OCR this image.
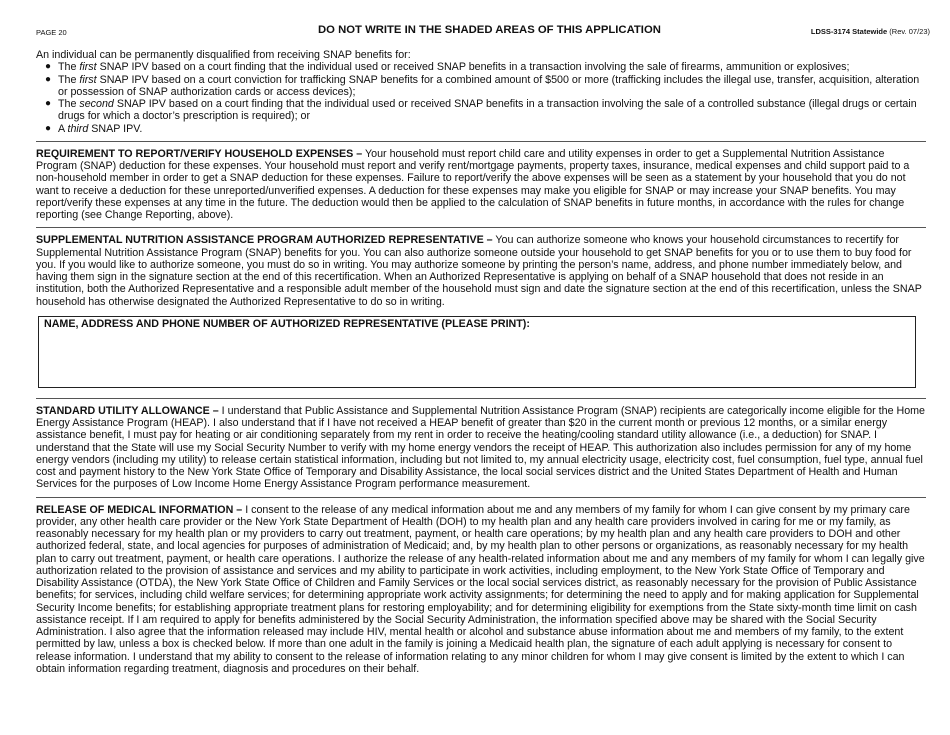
PAGE 20	DO NOT WRITE IN THE SHADED AREAS OF THIS APPLICATION	LDSS-3174 Statewide (Rev. 07/23)

An individual can be permanently disqualified from receiving SNAP benefits for:

● The first SNAP IPV based on a court finding that the individual used or received SNAP benefits in a transaction involving the sale of firearms, ammunition or explosives;
● The first SNAP IPV based on a court conviction for trafficking SNAP benefits for a combined amount of $500 or more (trafficking includes the illegal use, transfer, acquisition, alteration or possession of SNAP authorization cards or access devices);
● The second SNAP IPV based on a court finding that the individual used or received SNAP benefits in a transaction involving the sale of a controlled substance (illegal drugs or certain drugs for which a doctor’s prescription is required); or
● A third SNAP IPV.

REQUIREMENT TO REPORT/VERIFY HOUSEHOLD EXPENSES – Your household must report child care and utility expenses in order to get a Supplemental Nutrition Assistance Program (SNAP) deduction for these expenses. Your household must report and verify rent/mortgage payments, property taxes, insurance, medical expenses and child support paid to a non-household member in order to get a SNAP deduction for these expenses. Failure to report/verify the above expenses will be seen as a statement by your household that you do not want to receive a deduction for these unreported/unverified expenses. A deduction for these expenses may make you eligible for SNAP or may increase your SNAP benefits. You may report/verify these expenses at any time in the future. The deduction would then be applied to the calculation of SNAP benefits in future months, in accordance with the rules for change reporting (see Change Reporting, above).

SUPPLEMENTAL NUTRITION ASSISTANCE PROGRAM AUTHORIZED REPRESENTATIVE – You can authorize someone who knows your household circumstances to recertify for Supplemental Nutrition Assistance Program (SNAP) benefits for you. You can also authorize someone outside your household to get SNAP benefits for you or to use them to buy food for you. If you would like to authorize someone, you must do so in writing. You may authorize someone by printing the person’s name, address, and phone number immediately below, and having them sign in the signature section at the end of this recertification. When an Authorized Representative is applying on behalf of a SNAP household that does not reside in an institution, both the Authorized Representative and a responsible adult member of the household must sign and date the signature section at the end of this recertification, unless the SNAP household has otherwise designated the Authorized Representative to do so in writing.

NAME, ADDRESS AND PHONE NUMBER OF AUTHORIZED REPRESENTATIVE (PLEASE PRINT):

STANDARD UTILITY ALLOWANCE – I understand that Public Assistance and Supplemental Nutrition Assistance Program (SNAP) recipients are categorically income eligible for the Home Energy Assistance Program (HEAP). I also understand that if I have not received a HEAP benefit of greater than $20 in the current month or previous 12 months, or a similar energy assistance benefit, I must pay for heating or air conditioning separately from my rent in order to receive the heating/cooling standard utility allowance (i.e., a deduction) for SNAP. I understand that the State will use my Social Security Number to verify with my home energy vendors the receipt of HEAP. This authorization also includes permission for any of my home energy vendors (including my utility) to release certain statistical information, including but not limited to, my annual electricity usage, electricity cost, fuel consumption, fuel type, annual fuel cost and payment history to the New York State Office of Temporary and Disability Assistance, the local social services district and the United States Department of Health and Human Services for the purposes of Low Income Home Energy Assistance Program performance measurement.

RELEASE OF MEDICAL INFORMATION – I consent to the release of any medical information about me and any members of my family for whom I can give consent by my primary care provider, any other health care provider or the New York State Department of Health (DOH) to my health plan and any health care providers involved in caring for me or my family, as reasonably necessary for my health plan or my providers to carry out treatment, payment, or health care operations; by my health plan and any health care providers to DOH and other authorized federal, state, and local agencies for purposes of administration of Medicaid; and, by my health plan to other persons or organizations, as reasonably necessary for my health plan to carry out treatment, payment, or health care operations. I authorize the release of any health-related information about me and any members of my family for whom I can legally give authorization related to the provision of assistance and services and my ability to participate in work activities, including employment, to the New York State Office of Temporary and Disability Assistance (OTDA), the New York State Office of Children and Family Services or the local social services district, as reasonably necessary for the provision of Public Assistance benefits; for services, including child welfare services; for determining appropriate work activity assignments; for determining the need to apply and for making application for Supplemental Security Income benefits; for establishing appropriate treatment plans for restoring employability; and for determining eligibility for exemptions from the State sixty-month time limit on cash assistance receipt. If I am required to apply for benefits administered by the Social Security Administration, the information specified above may be shared with the Social Security Administration. I also agree that the information released may include HIV, mental health or alcohol and substance abuse information about me and members of my family, to the extent permitted by law, unless a box is checked below. If more than one adult in the family is joining a Medicaid health plan, the signature of each adult applying is necessary for consent to release information. I understand that my ability to consent to the release of information relating to any minor children for whom I may give consent is limited by the extent to which I can obtain information regarding treatment, diagnosis and procedures on their behalf.
